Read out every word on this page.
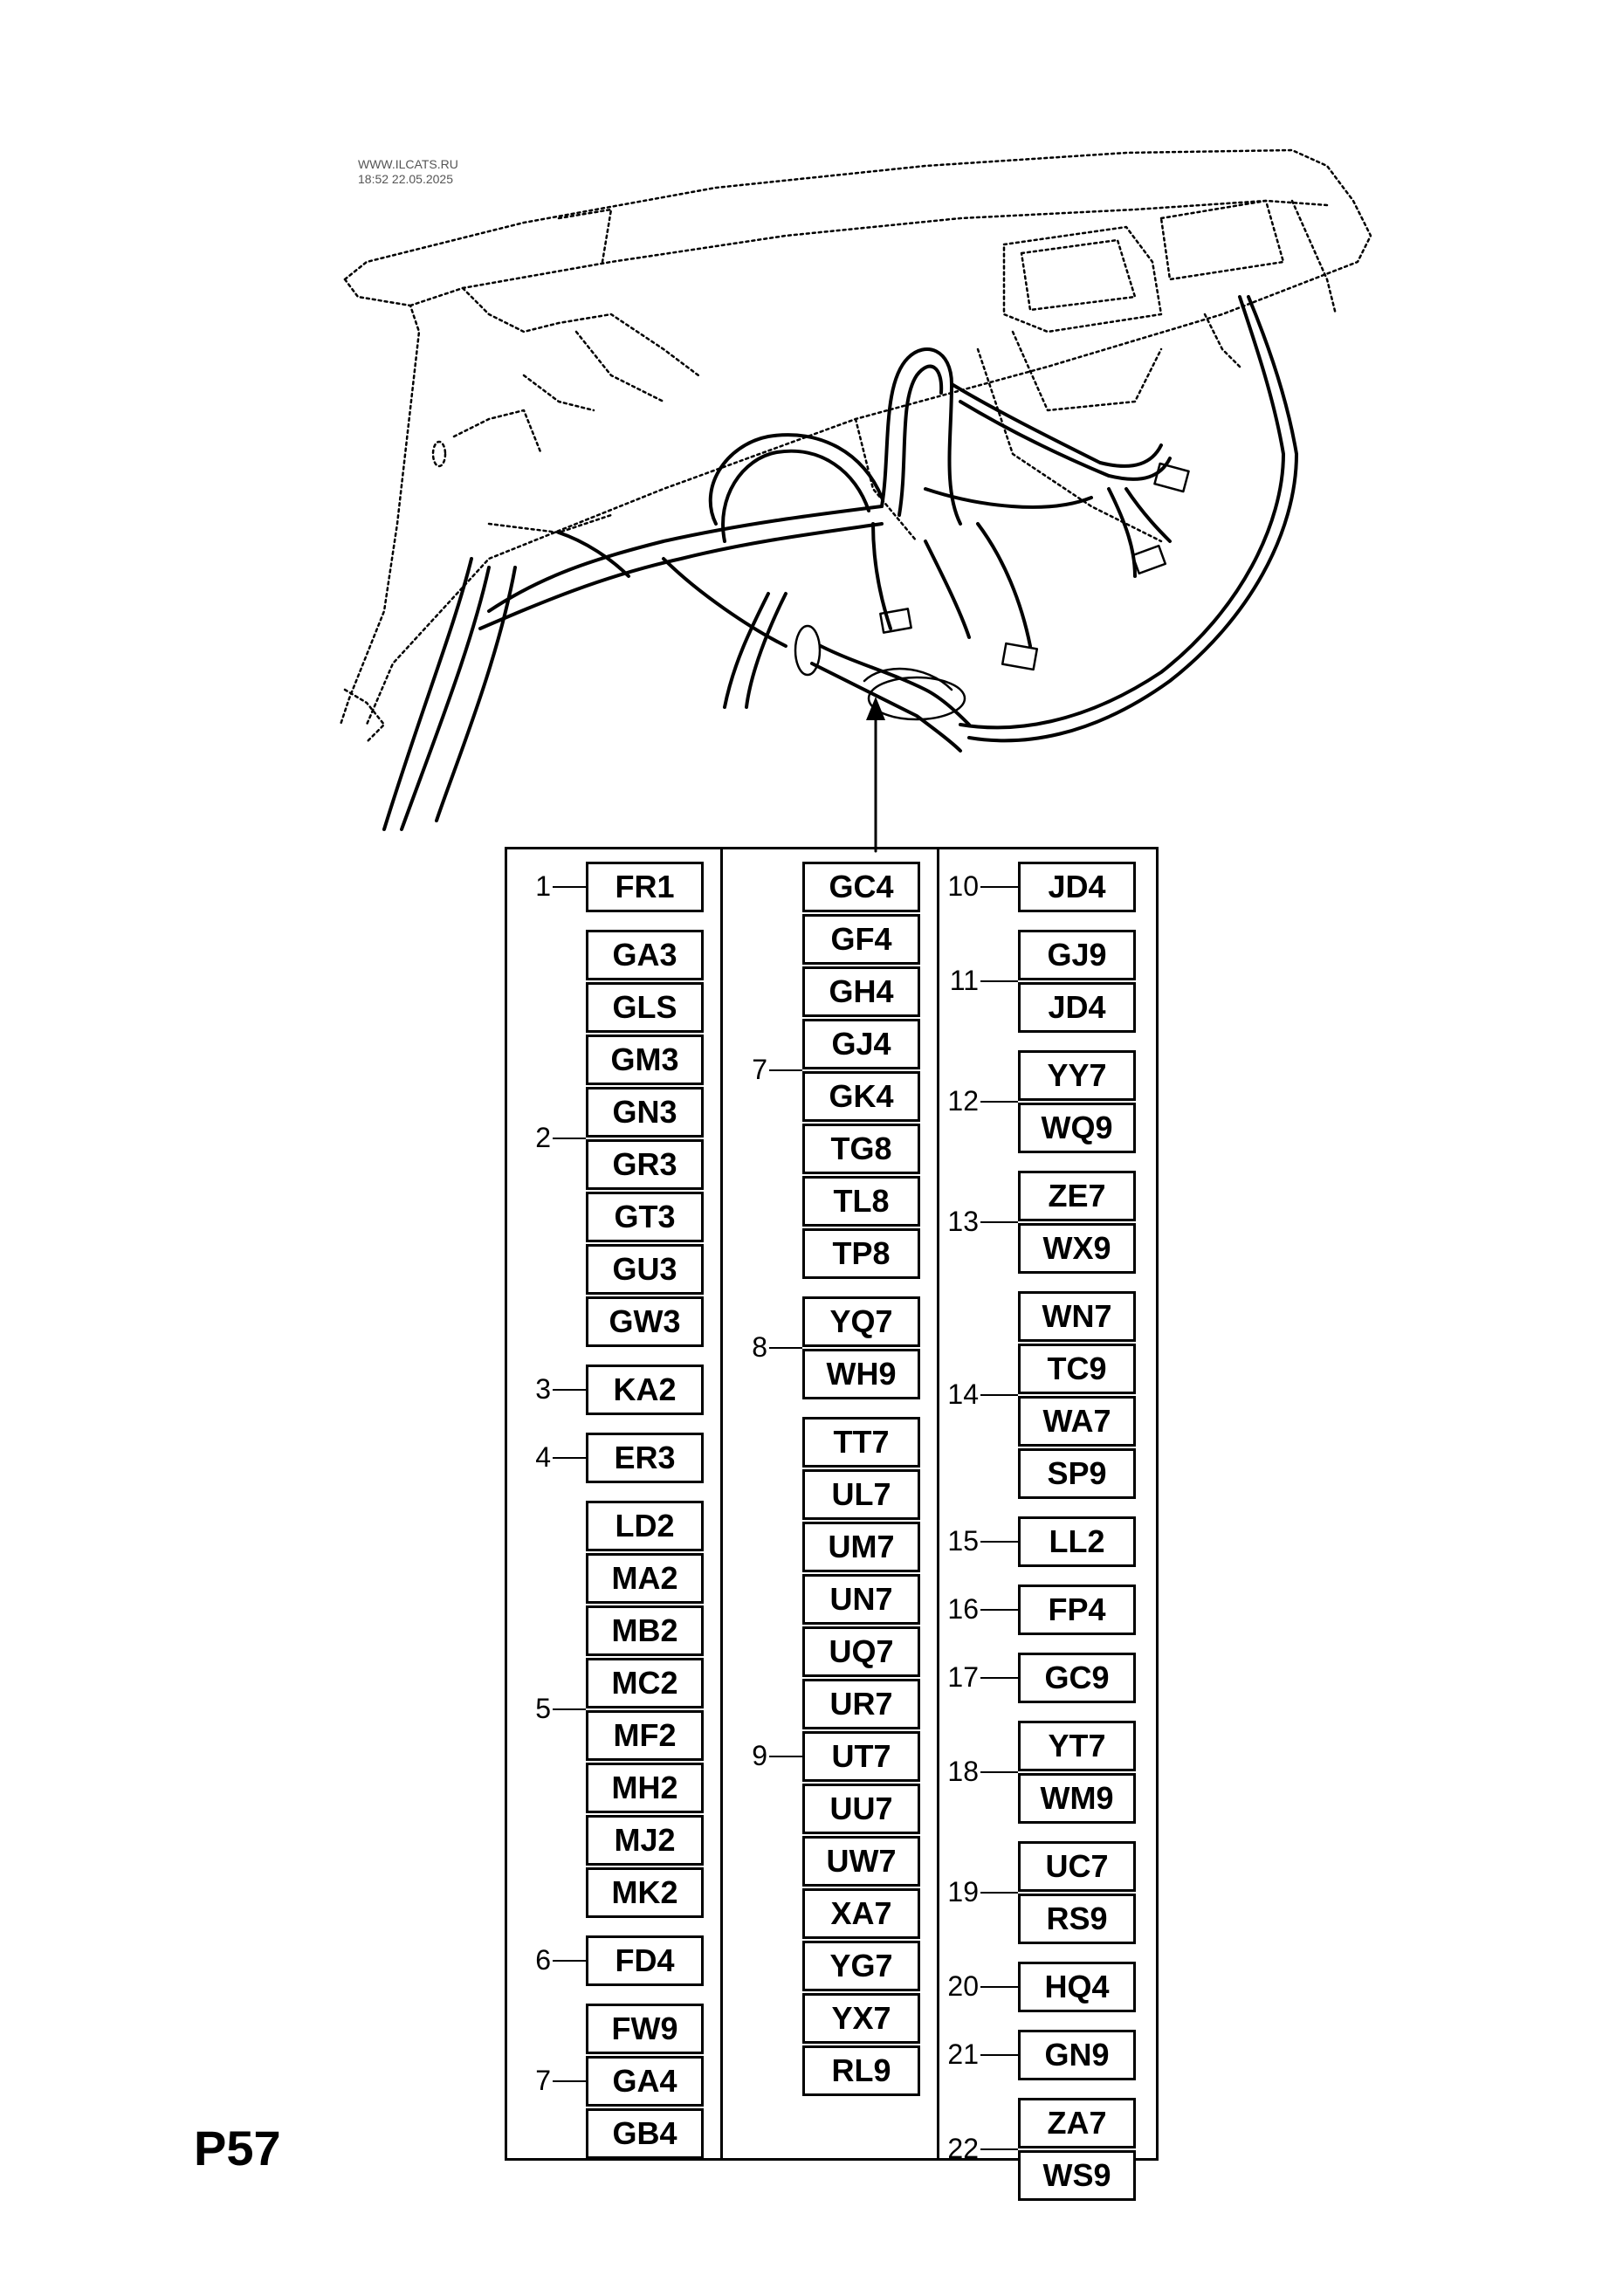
WWW.ILCATS.RU
18:52 22.05.2025
FR1
1
GA3
GLS
GM3
GN3
GR3
GT3
GU3
GW3
2
KA2
3
ER3
4
LD2
MA2
MB2
MC2
MF2
MH2
MJ2
MK2
5
FD4
6
FW9
GA4
GB4
7
GC4
GF4
GH4
GJ4
GK4
TG8
TL8
TP8
7
YQ7
WH9
8
TT7
UL7
UM7
UN7
UQ7
UR7
UT7
UU7
UW7
XA7
YG7
YX7
RL9
9
JD4
10
GJ9
JD4
11
YY7
WQ9
12
ZE7
WX9
13
WN7
TC9
WA7
SP9
14
LL2
15
FP4
16
GC9
17
YT7
WM9
18
UC7
RS9
19
HQ4
20
GN9
21
ZA7
WS9
22
P57
